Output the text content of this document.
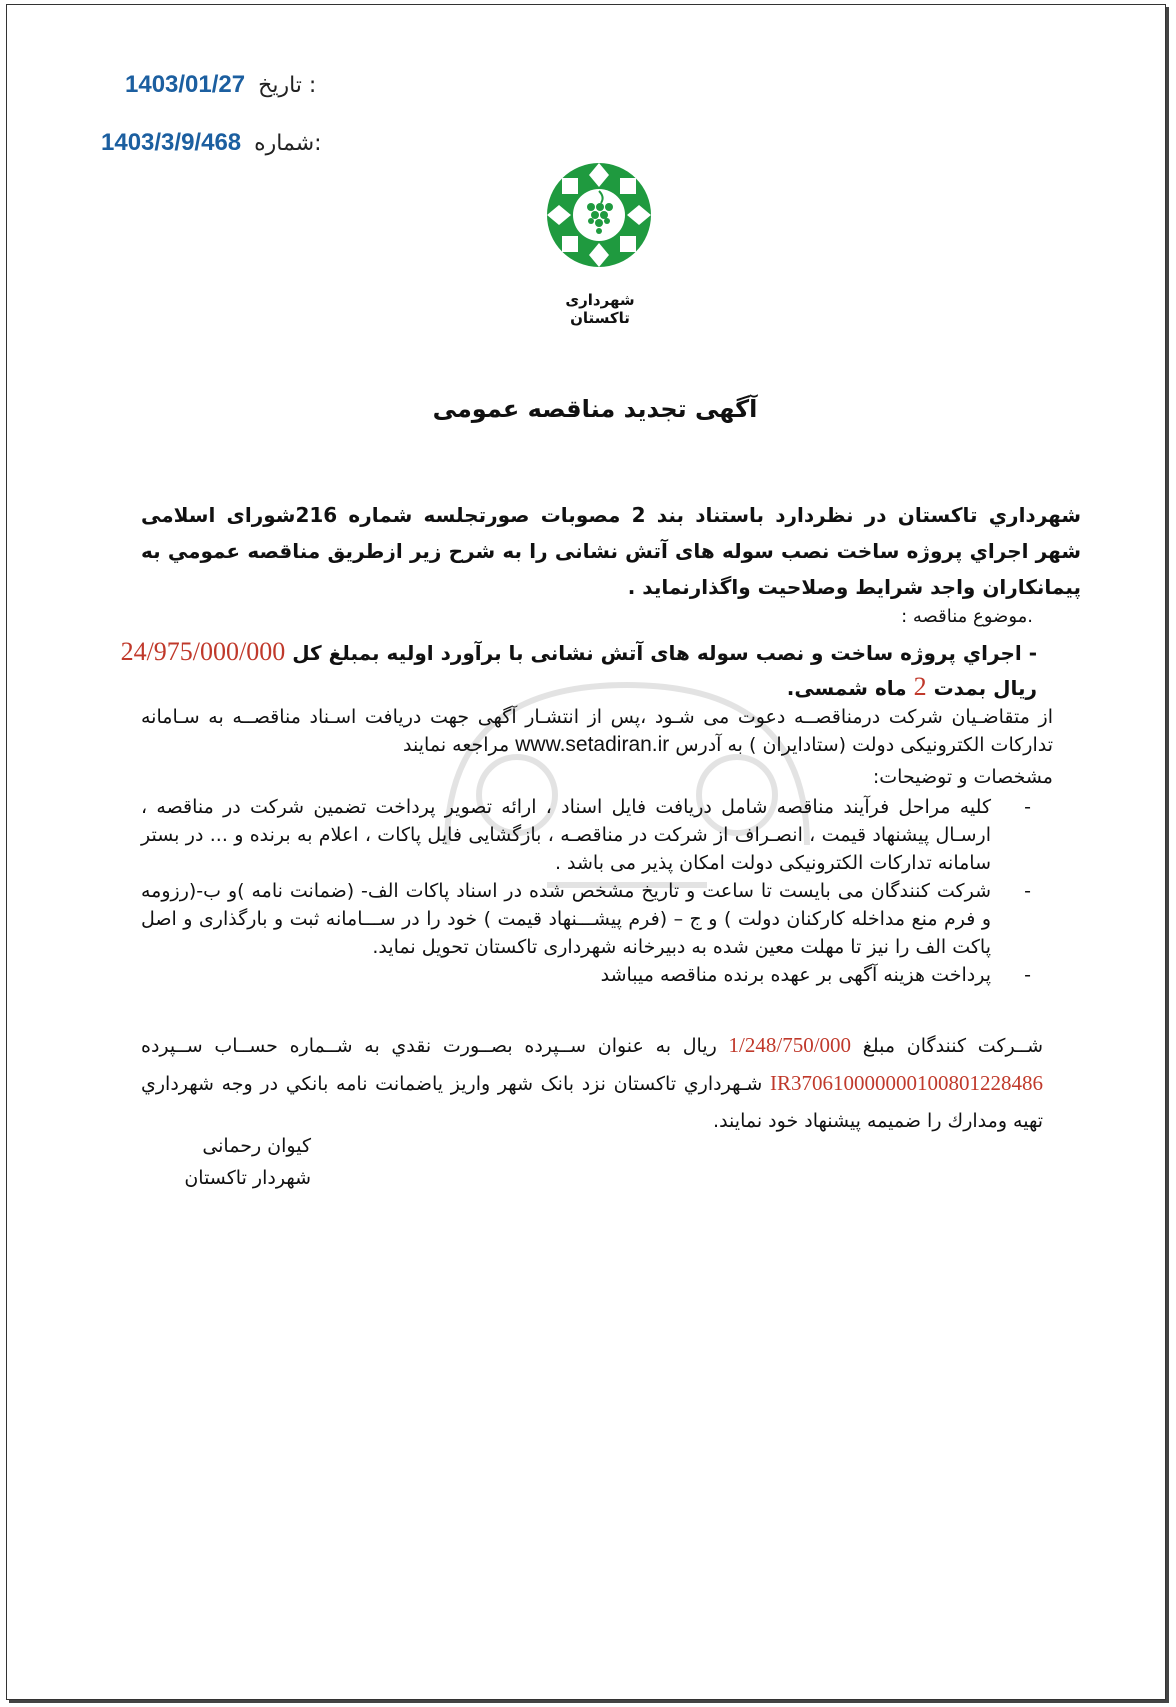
1403/01/27 تاریخ :
1403/3/9/468 شماره:
شهرداری تاکستان
آگهی تجدید مناقصه عمومی
شهرداري تاکستان در نظردارد باستناد بند 2 مصوبات صورتجلسه شماره 216شورای اسلامی شهر اجراي پروژه ساخت نصب سوله های آتش نشانی را به شرح زیر ازطریق مناقصه عمومي به پیمانکاران واجد شرایط وصلاحیت واگذارنماید .
.موضوع مناقصه :
- اجراي پروژه ساخت و نصب سوله های آتش نشانی با برآورد اولیه بمبلغ کل 24/975/000/000
ریال بمدت 2 ماه شمسی.
از متقاضـیان شرکت درمناقصــه دعوت می شـود ،پس از انتشـار آگهی جهت دریافت اسـناد مناقصــه به سـامانه تدارکات الکترونیکی دولت (ستادایران ) به آدرس www.setadiran.ir مراجعه نمایند
مشخصات و توضیحات:
- کلیه مراحل فرآیند مناقصه شامل دریافت فایل اسناد ، ارائه تصویر پرداخت تضمین شرکت در مناقصه ، ارسـال پیشنهاد قیمت ، انصـراف از شرکت در مناقصـه ، بازگشایی فایل پاکات ، اعلام به برنده و ... در بستر سامانه تدارکات الکترونیکی دولت امکان پذیر می باشد .
- شرکت کنندگان می بایست تا ساعت و تاریخ مشخص شده در اسناد پاکات الف- (ضمانت نامه )و ب-(رزومه و فرم منع مداخله کارکنان دولت ) و ج – (فرم پیشـــنهاد قیمت ) خود را در ســـامانه ثبت و بارگذاری و اصل پاکت الف را نیز تا مهلت معین شده به دبیرخانه شهرداری تاکستان تحویل نماید.
- پرداخت هزینه آگهی بر عهده برنده مناقصه میباشد
شــرکت کنندگان مبلغ 1/248/750/000 ریال به عنوان ســپرده بصــورت نقدي به شــماره حســاب ســپرده IR370610000000100801228486 شـهرداري تاکستان نزد بانک شهر واریز یاضمانت نامه بانکي در وجه شهرداري تهیه ومدارك را ضمیمه پیشنهاد خود نمایند.
کیوان رحمانی
شهردار تاکستان
